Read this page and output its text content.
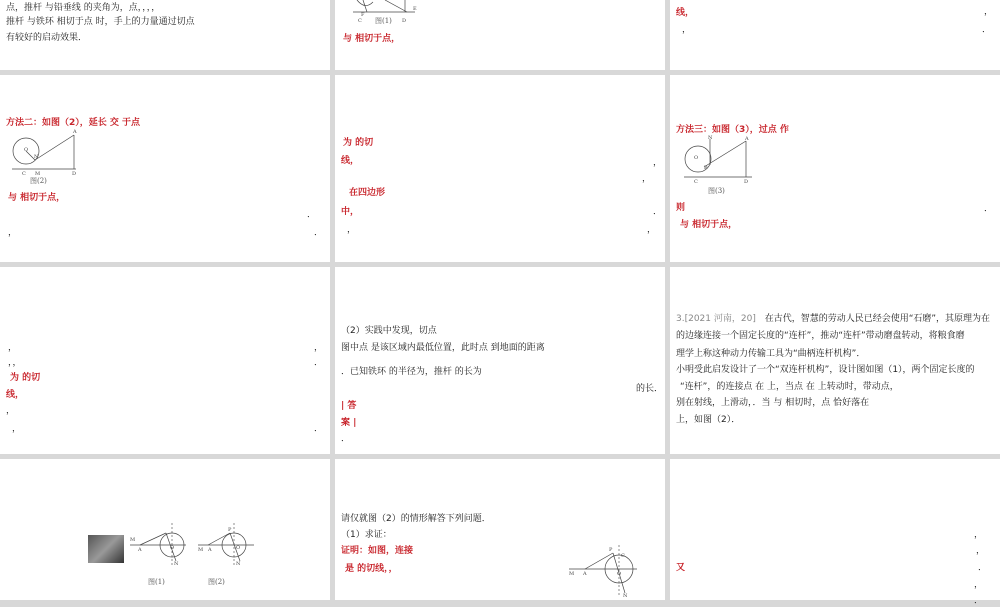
点，推杆 与铅垂线 的夹角为，点，，，，
推杆 与铁环 相切于点 时，手上的力量通过切点
有较好的启动效果．
F
C	D
E
图(1)
与 相切于点，
线，	，
，	．
方法二：如图（2），延长 交 于点
O
N
C M	D
A
图(2)
与 相切于点，
．
，	．
为 的切
线，	，
，
在四边形
中，	．
，	，
方法三：如图（3），过点 作
N
O
B
C	D
A
图(3)
则	．
与 相切于点，
，	，
，，	．
为 的切
线，
，
，	．
（2）实践中发现，切点
图中点 是该区域内最低位置，此时点 到地面的距离
．已知铁环 的半径为，推杆 的长为
的长．
| 答
案 |
．
3.[2021 河南，20] 在古代，智慧的劳动人民已经会使用“石磨”，其原理为在
的边缘连接一个固定长度的“连杆”，推动“连杆”带动磨盘转动，将粮食磨
理学上称这种动力传输工具为“曲柄连杆机构”．
小明受此启发设计了一个“双连杆机构”，设计图如图（1），两个固定长度的
“连杆”，的连接点 在 上，当点 在 上转动时，带动点，
别在射线，上滑动，．当 与 相切时，点 恰好落在
上，如图（2）．
M
A	O
N
M A
P
O
N
图(1)	图(2)
请仅就图（2）的情形解答下列问题．
（1）求证：
证明：如图，连接
是 的切线，，	M A
P
C
O
N
，
，
又	．
，
．
